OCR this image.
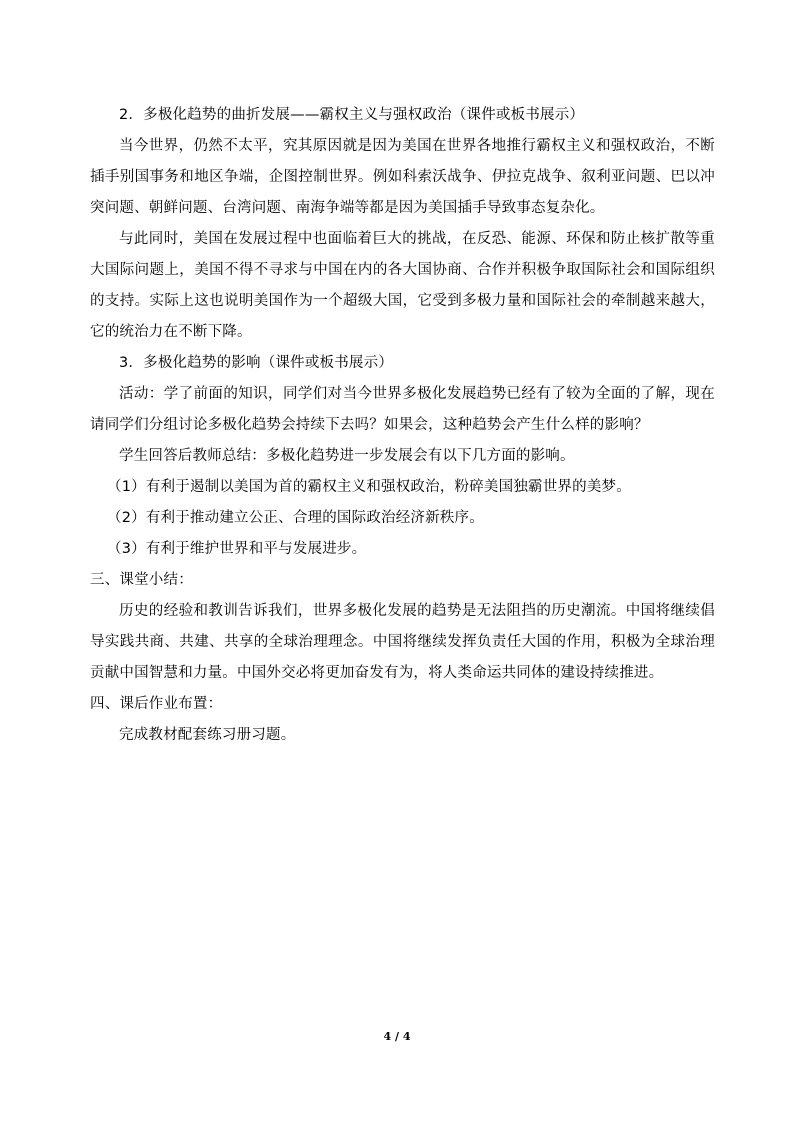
2．多极化趋势的曲折发展——霸权主义与强权政治（课件或板书展示）

当今世界，仍然不太平，究其原因就是因为美国在世界各地推行霸权主义和强权政治，不断插手别国事务和地区争端，企图控制世界。例如科索沃战争、伊拉克战争、叙利亚问题、巴以冲突问题、朝鲜问题、台湾问题、南海争端等都是因为美国插手导致事态复杂化。

与此同时，美国在发展过程中也面临着巨大的挑战，在反恐、能源、环保和防止核扩散等重大国际问题上，美国不得不寻求与中国在内的各大国协商、合作并积极争取国际社会和国际组织的支持。实际上这也说明美国作为一个超级大国，它受到多极力量和国际社会的牵制越来越大，它的统治力在不断下降。

3．多极化趋势的影响（课件或板书展示）

活动：学了前面的知识，同学们对当今世界多极化发展趋势已经有了较为全面的了解，现在请同学们分组讨论多极化趋势会持续下去吗？如果会，这种趋势会产生什么样的影响？

学生回答后教师总结：多极化趋势进一步发展会有以下几方面的影响。

（1）有利于遏制以美国为首的霸权主义和强权政治，粉碎美国独霸世界的美梦。

（2）有利于推动建立公正、合理的国际政治经济新秩序。

（3）有利于维护世界和平与发展进步。

三、课堂小结：

历史的经验和教训告诉我们，世界多极化发展的趋势是无法阻挡的历史潮流。中国将继续倡导实践共商、共建、共享的全球治理理念。中国将继续发挥负责任大国的作用，积极为全球治理贡献中国智慧和力量。中国外交必将更加奋发有为，将人类命运共同体的建设持续推进。

四、课后作业布置：

完成教材配套练习册习题。

4 / 4
